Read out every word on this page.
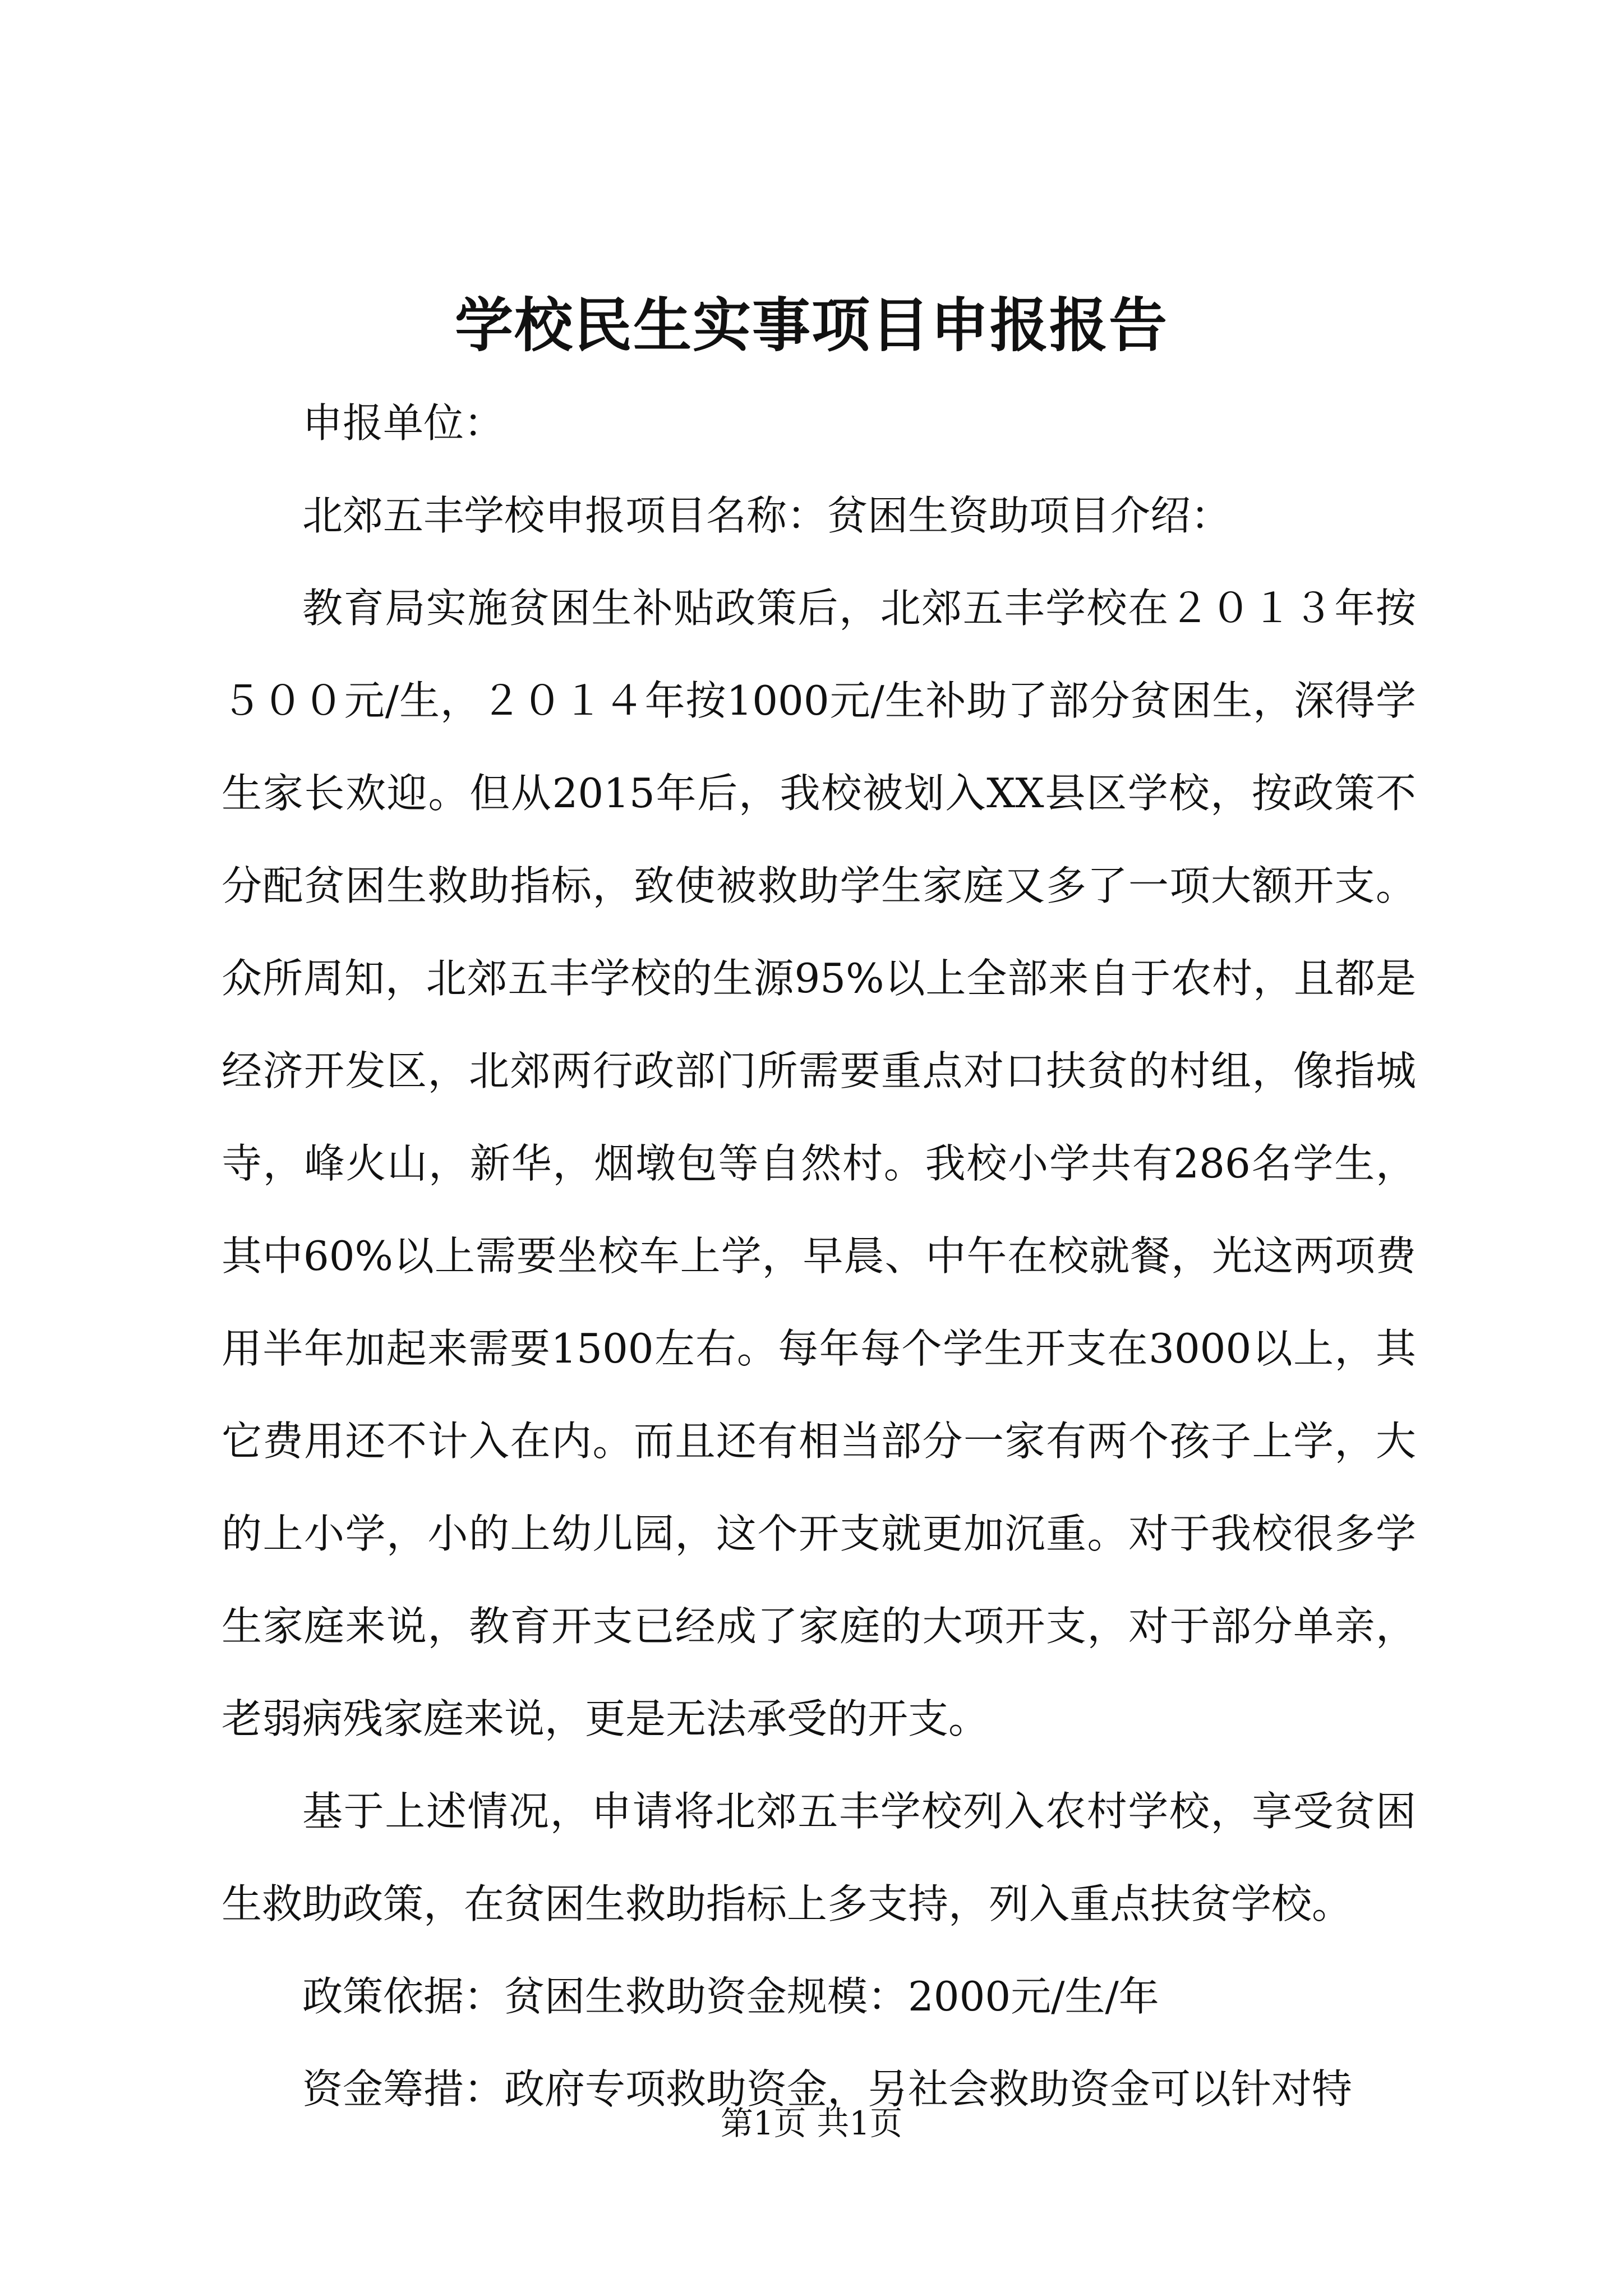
学校民生实事项目申报报告

申报单位：

北郊五丰学校申报项目名称：贫困生资助项目介绍：

教育局实施贫困生补贴政策后，北郊五丰学校在２０１３年按５００元/生，２０１４年按1000元/生补助了部分贫困生，深得学生家长欢迎。但从2015年后，我校被划入XX县区学校，按政策不分配贫困生救助指标，致使被救助学生家庭又多了一项大额开支。众所周知，北郊五丰学校的生源95%以上全部来自于农村，且都是经济开发区，北郊两行政部门所需要重点对口扶贫的村组，像指城寺，峰火山，新华，烟墩包等自然村。我校小学共有286名学生，其中60%以上需要坐校车上学，早晨、中午在校就餐，光这两项费用半年加起来需要1500左右。每年每个学生开支在3000以上，其它费用还不计入在内。而且还有相当部分一家有两个孩子上学，大的上小学，小的上幼儿园，这个开支就更加沉重。对于我校很多学生家庭来说，教育开支已经成了家庭的大项开支，对于部分单亲，老弱病残家庭来说，更是无法承受的开支。

基于上述情况，申请将北郊五丰学校列入农村学校，享受贫困生救助政策，在贫困生救助指标上多支持，列入重点扶贫学校。

政策依据：贫困生救助资金规模：2000元/生/年

资金筹措：政府专项救助资金，另社会救助资金可以针对特

第1页 共1页
